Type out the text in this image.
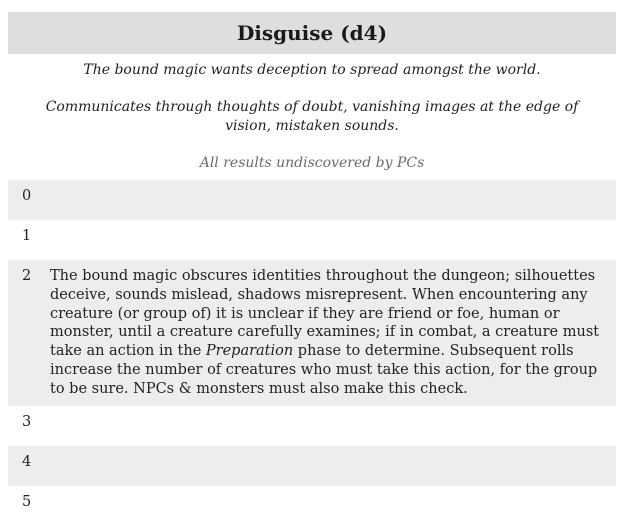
Disguise (d4)
The bound magic wants deception to spread amongst the world.
Communicates through thoughts of doubt, vanishing images at the edge of vision, mistaken sounds.
All results undiscovered by PCs
0	
1	
2	The bound magic obscures identities throughout the dungeon; silhouettes deceive, sounds mislead, shadows misrepresent. When encountering any creature (or group of) it is unclear if they are friend or foe, human or monster, until a creature carefully examines; if in combat, a creature must take an action in the Preparation phase to determine. Subsequent rolls increase the number of creatures who must take this action, for the group to be sure. NPCs & monsters must also make this check.
3	
4	
5	
